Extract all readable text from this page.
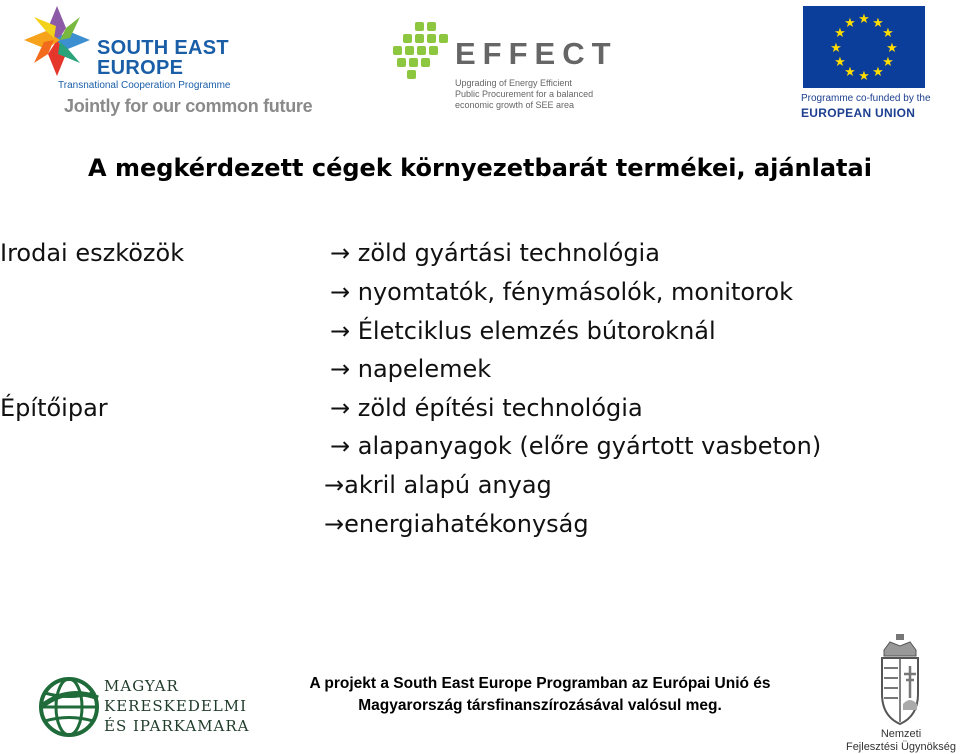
SOUTH EAST
EUROPE
Transnational Cooperation Programme
Jointly for our common future
EFFECT
Upgrading of Energy Efficient
Public Procurement for a balanced
economic growth of SEE area
★ ★
★
★
★
★
★
★
★
★
★
★
Programme co-funded by the
EUROPEAN UNION
A megkérdezett cégek környezetbarát termékei, ajánlatai
Irodai eszközök
Építőipar
→ zöld gyártási technológia
→ nyomtatók, fénymásolók, monitorok
→ Életciklus elemzés bútoroknál
→ napelemek
→ zöld építési technológia
→ alapanyagok (előre gyártott vasbeton)
→akril alapú anyag
→energiahatékonyság
MAGYAR
KERESKEDELMI
ÉS IPARKAMARA
A projekt a South East Europe Programban az Európai Unió és
Magyarország társfinanszírozásával valósul meg.
Nemzeti
Fejlesztési Ügynökség
